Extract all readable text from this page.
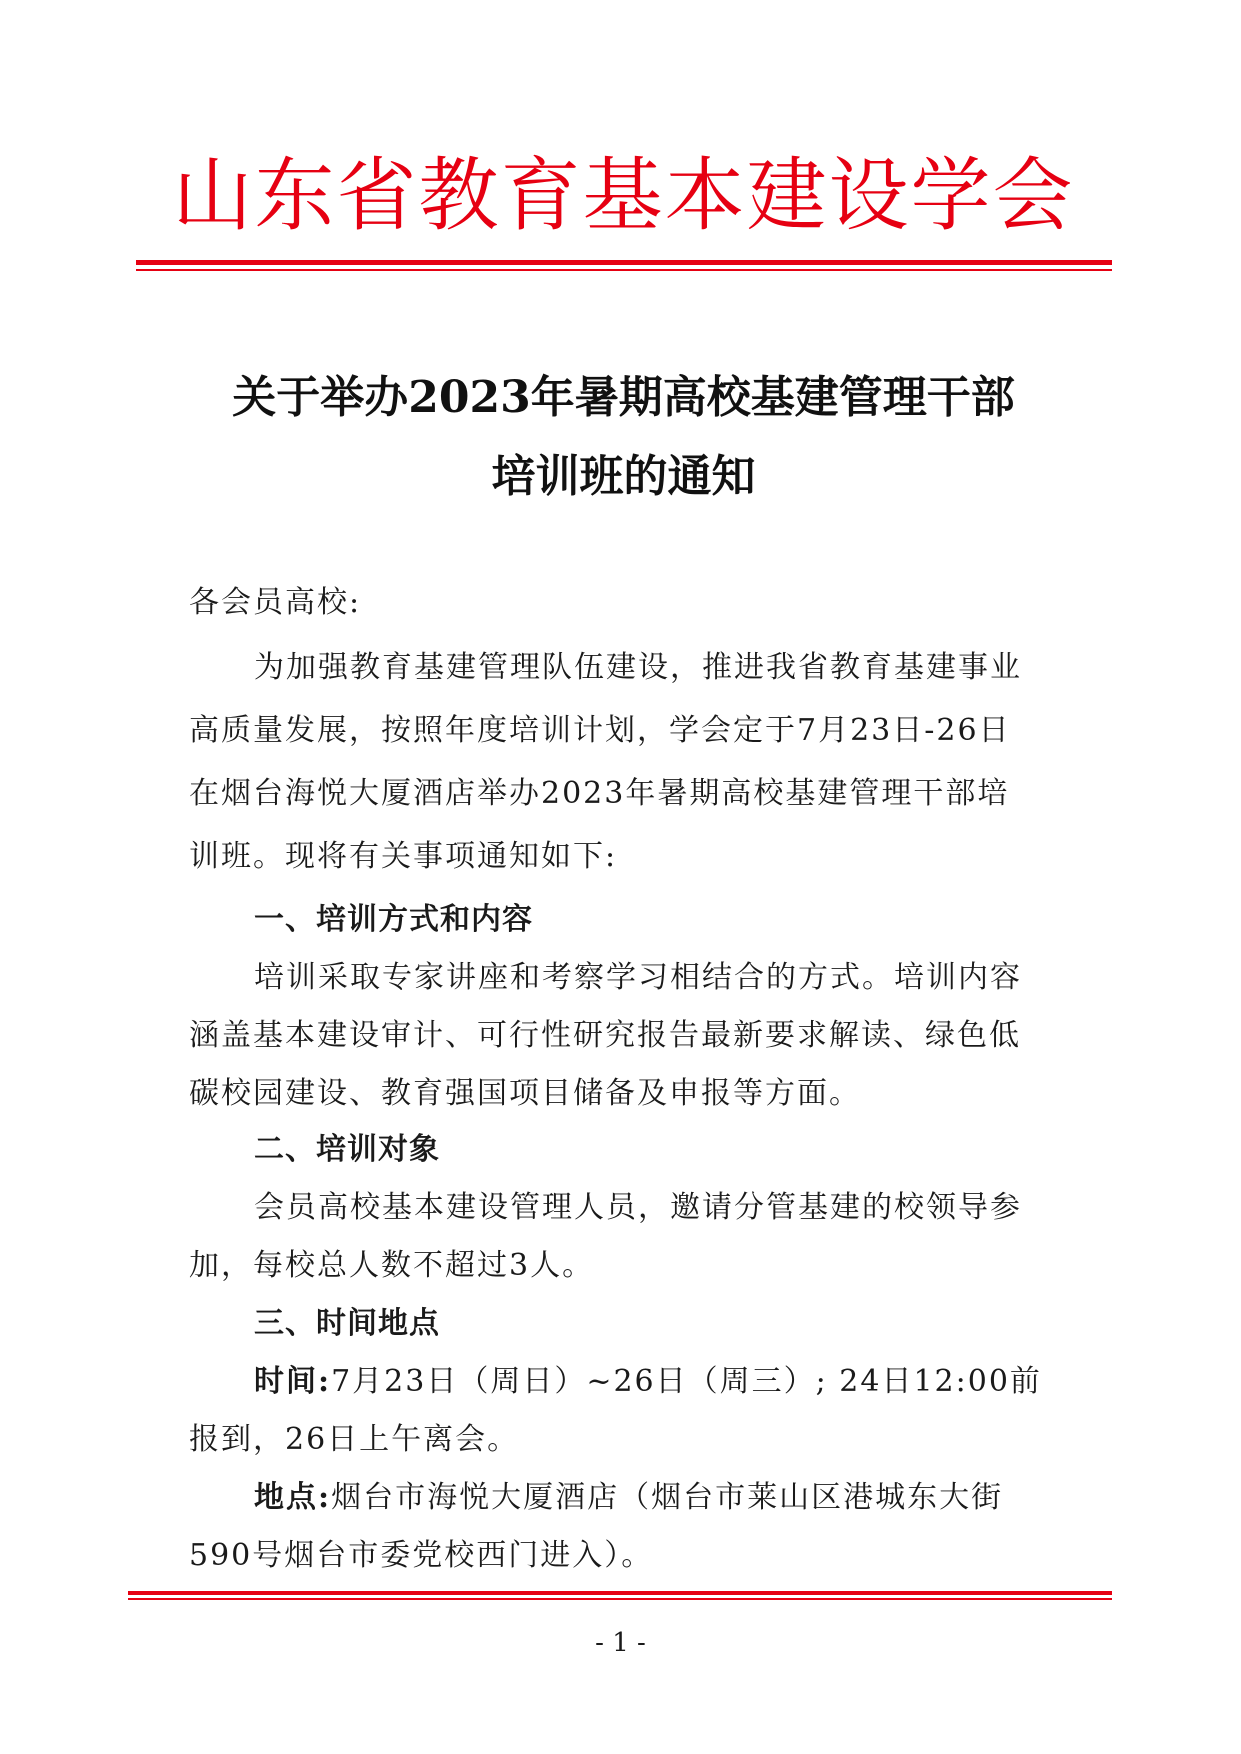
山东省教育基本建设学会
关于举办2023年暑期高校基建管理干部
培训班的通知
各会员高校:
为加强教育基建管理队伍建设，推进我省教育基建事业
高质量发展，按照年度培训计划，学会定于7月23日-26日
在烟台海悦大厦酒店举办2023年暑期高校基建管理干部培
训班。现将有关事项通知如下:
一、培训方式和内容
培训采取专家讲座和考察学习相结合的方式。培训内容
涵盖基本建设审计、可行性研究报告最新要求解读、绿色低
碳校园建设、教育强国项目储备及申报等方面。
二、培训对象
会员高校基本建设管理人员，邀请分管基建的校领导参
加，每校总人数不超过3人。
三、时间地点
时间:7月23日（周日）~26日（周三）; 24日12:00前
报到，26日上午离会。
地点:烟台市海悦大厦酒店（烟台市莱山区港城东大街
590号烟台市委党校西门进入）。
- 1 -
